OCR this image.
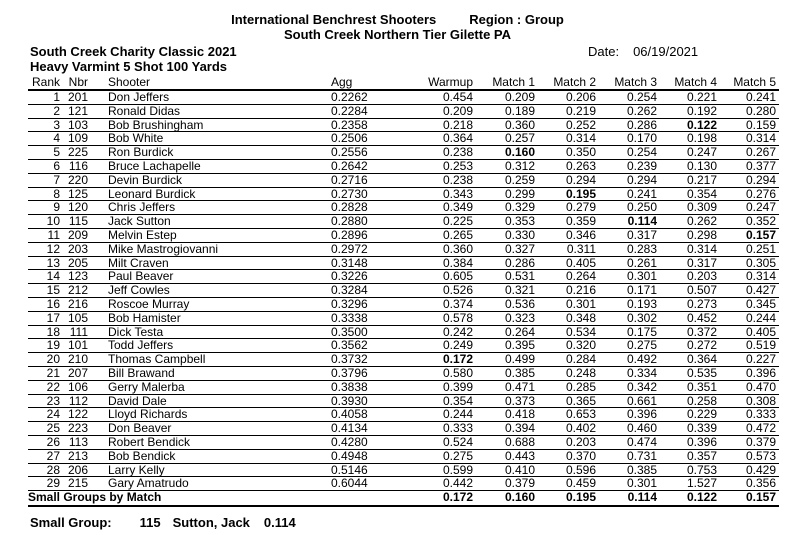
International Benchrest Shooters	Region : Group
South Creek Northern Tier Gilette PA
South Creek Charity Classic 2021
Heavy Varmint 5 Shot 100 Yards
Date: 06/19/2021
Rank	Nbr	Shooter	Agg	Warmup	Match 1	Match 2	Match 3	Match 4	Match 5
1	201	Don Jeffers	0.2262	0.454	0.209	0.206	0.254	0.221	0.241
2	121	Ronald Didas	0.2284	0.209	0.189	0.219	0.262	0.192	0.280
3	103	Bob Brushingham	0.2358	0.218	0.360	0.252	0.286	0.122	0.159
4	109	Bob White	0.2506	0.364	0.257	0.314	0.170	0.198	0.314
5	225	Ron Burdick	0.2556	0.238	0.160	0.350	0.254	0.247	0.267
6	116	Bruce Lachapelle	0.2642	0.253	0.312	0.263	0.239	0.130	0.377
7	220	Devin Burdick	0.2716	0.238	0.259	0.294	0.294	0.217	0.294
8	125	Leonard Burdick	0.2730	0.343	0.299	0.195	0.241	0.354	0.276
9	120	Chris Jeffers	0.2828	0.349	0.329	0.279	0.250	0.309	0.247
10	115	Jack Sutton	0.2880	0.225	0.353	0.359	0.114	0.262	0.352
11	209	Melvin Estep	0.2896	0.265	0.330	0.346	0.317	0.298	0.157
12	203	Mike Mastrogiovanni	0.2972	0.360	0.327	0.311	0.283	0.314	0.251
13	205	Milt Craven	0.3148	0.384	0.286	0.405	0.261	0.317	0.305
14	123	Paul Beaver	0.3226	0.605	0.531	0.264	0.301	0.203	0.314
15	212	Jeff Cowles	0.3284	0.526	0.321	0.216	0.171	0.507	0.427
16	216	Roscoe Murray	0.3296	0.374	0.536	0.301	0.193	0.273	0.345
17	105	Bob Hamister	0.3338	0.578	0.323	0.348	0.302	0.452	0.244
18	111	Dick Testa	0.3500	0.242	0.264	0.534	0.175	0.372	0.405
19	101	Todd Jeffers	0.3562	0.249	0.395	0.320	0.275	0.272	0.519
20	210	Thomas Campbell	0.3732	0.172	0.499	0.284	0.492	0.364	0.227
21	207	Bill Brawand	0.3796	0.580	0.385	0.248	0.334	0.535	0.396
22	106	Gerry Malerba	0.3838	0.399	0.471	0.285	0.342	0.351	0.470
23	112	David Dale	0.3930	0.354	0.373	0.365	0.661	0.258	0.308
24	122	Lloyd Richards	0.4058	0.244	0.418	0.653	0.396	0.229	0.333
25	223	Don Beaver	0.4134	0.333	0.394	0.402	0.460	0.339	0.472
26	113	Robert Bendick	0.4280	0.524	0.688	0.203	0.474	0.396	0.379
27	213	Bob Bendick	0.4948	0.275	0.443	0.370	0.731	0.357	0.573
28	206	Larry Kelly	0.5146	0.599	0.410	0.596	0.385	0.753	0.429
29	215	Gary Amatrudo	0.6044	0.442	0.379	0.459	0.301	1.527	0.356
Small Groups by Match				0.172	0.160	0.195	0.114	0.122	0.157
Small Group: 115 Sutton, Jack 0.114
